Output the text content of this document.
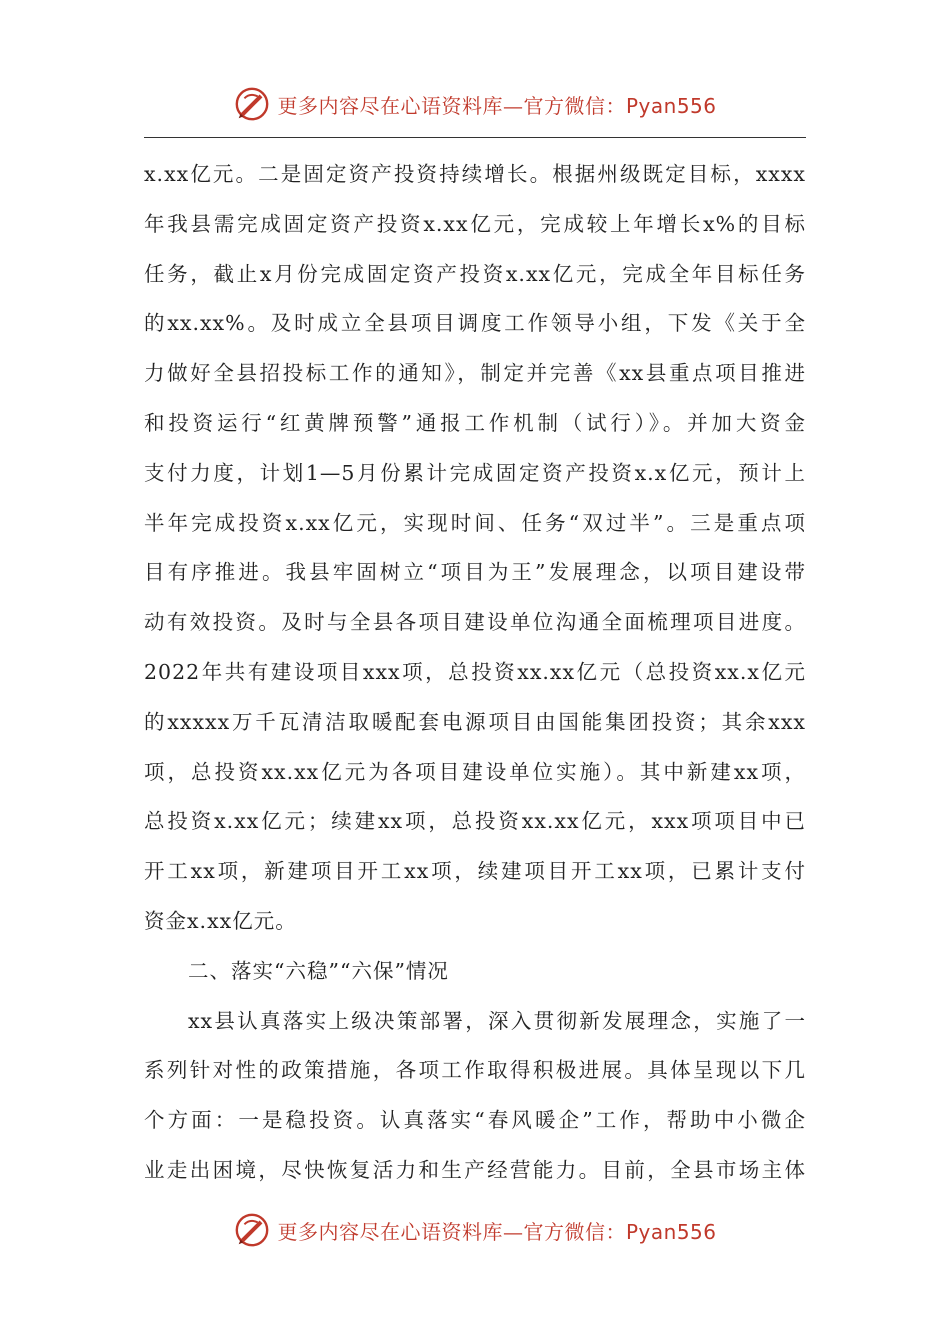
更多内容尽在心语资料库—官方微信：Pyan556
x.xx亿元。二是固定资产投资持续增长。根据州级既定目标，xxxx
年我县需完成固定资产投资x.xx亿元，完成较上年增长x%的目标
任务，截止x月份完成固定资产投资x.xx亿元，完成全年目标任务
的xx.xx%。及时成立全县项目调度工作领导小组，下发《关于全
力做好全县招投标工作的通知》，制定并完善《xx县重点项目推进
和投资运行“红黄牌预警”通报工作机制（试行）》。并加大资金
支付力度，计划1—5月份累计完成固定资产投资x.x亿元，预计上
半年完成投资x.xx亿元，实现时间、任务“双过半”。三是重点项
目有序推进。我县牢固树立“项目为王”发展理念，以项目建设带
动有效投资。及时与全县各项目建设单位沟通全面梳理项目进度。
2022年共有建设项目xxx项，总投资xx.xx亿元（总投资xx.x亿元
的xxxxx万千瓦清洁取暖配套电源项目由国能集团投资；其余xxx
项，总投资xx.xx亿元为各项目建设单位实施）。其中新建xx项，
总投资x.xx亿元；续建xx项，总投资xx.xx亿元，xxx项项目中已
开工xx项，新建项目开工xx项，续建项目开工xx项，已累计支付
资金x.xx亿元。
二、落实“六稳”“六保”情况
xx县认真落实上级决策部署，深入贯彻新发展理念，实施了一
系列针对性的政策措施，各项工作取得积极进展。具体呈现以下几
个方面：一是稳投资。认真落实“春风暖企”工作，帮助中小微企
业走出困境，尽快恢复活力和生产经营能力。目前，全县市场主体
更多内容尽在心语资料库—官方微信：Pyan556
